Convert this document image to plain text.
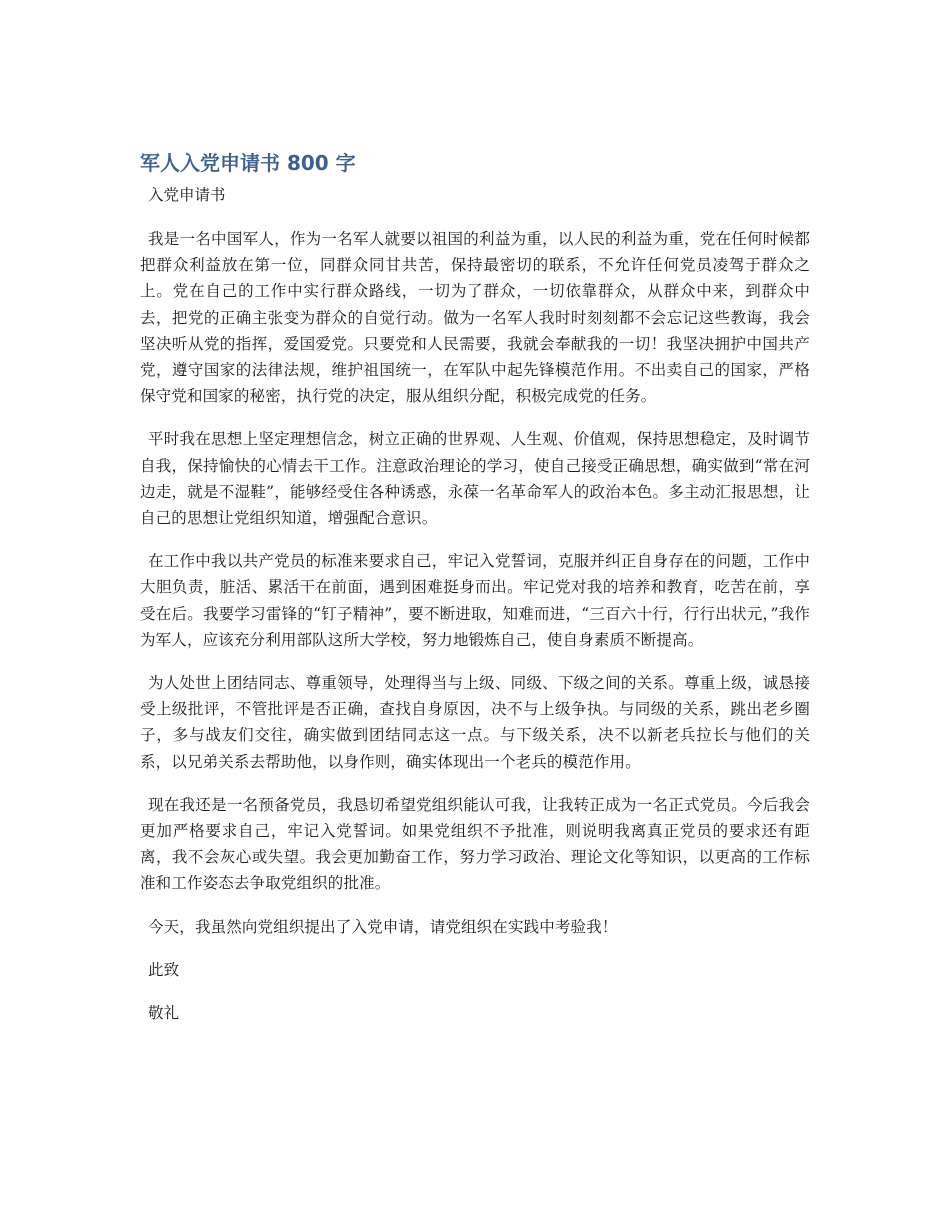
军人入党申请书 800 字

入党申请书

我是一名中国军人，作为一名军人就要以祖国的利益为重，以人民的利益为重，党在任何时候都把群众利益放在第一位，同群众同甘共苦，保持最密切的联系，不允许任何党员凌驾于群众之上。党在自己的工作中实行群众路线，一切为了群众，一切依靠群众，从群众中来，到群众中去，把党的正确主张变为群众的自觉行动。做为一名军人我时时刻刻都不会忘记这些教诲，我会坚决听从党的指挥，爱国爱党。只要党和人民需要，我就会奉献我的一切！我坚决拥护中国共产党，遵守国家的法律法规，维护祖国统一，在军队中起先锋模范作用。不出卖自己的国家，严格保守党和国家的秘密，执行党的决定，服从组织分配，积极完成党的任务。

平时我在思想上坚定理想信念，树立正确的世界观、人生观、价值观，保持思想稳定，及时调节自我，保持愉快的心情去干工作。注意政治理论的学习，使自己接受正确思想，确实做到“常在河边走，就是不湿鞋”，能够经受住各种诱惑，永葆一名革命军人的政治本色。多主动汇报思想，让自己的思想让党组织知道，增强配合意识。

在工作中我以共产党员的标准来要求自己，牢记入党誓词，克服并纠正自身存在的问题，工作中大胆负责，脏活、累活干在前面，遇到困难挺身而出。牢记党对我的培养和教育，吃苦在前，享受在后。我要学习雷锋的“钉子精神”，要不断进取，知难而进，“三百六十行，行行出状元，”我作为军人，应该充分利用部队这所大学校，努力地锻炼自己，使自身素质不断提高。

为人处世上团结同志、尊重领导，处理得当与上级、同级、下级之间的关系。尊重上级，诚恳接受上级批评，不管批评是否正确，查找自身原因，决不与上级争执。与同级的关系，跳出老乡圈子，多与战友们交往，确实做到团结同志这一点。与下级关系，决不以新老兵拉长与他们的关系，以兄弟关系去帮助他，以身作则，确实体现出一个老兵的模范作用。

现在我还是一名预备党员，我恳切希望党组织能认可我，让我转正成为一名正式党员。今后我会更加严格要求自己，牢记入党誓词。如果党组织不予批准，则说明我离真正党员的要求还有距离，我不会灰心或失望。我会更加勤奋工作，努力学习政治、理论文化等知识，以更高的工作标准和工作姿态去争取党组织的批准。

今天，我虽然向党组织提出了入党申请，请党组织在实践中考验我！

此致

敬礼
